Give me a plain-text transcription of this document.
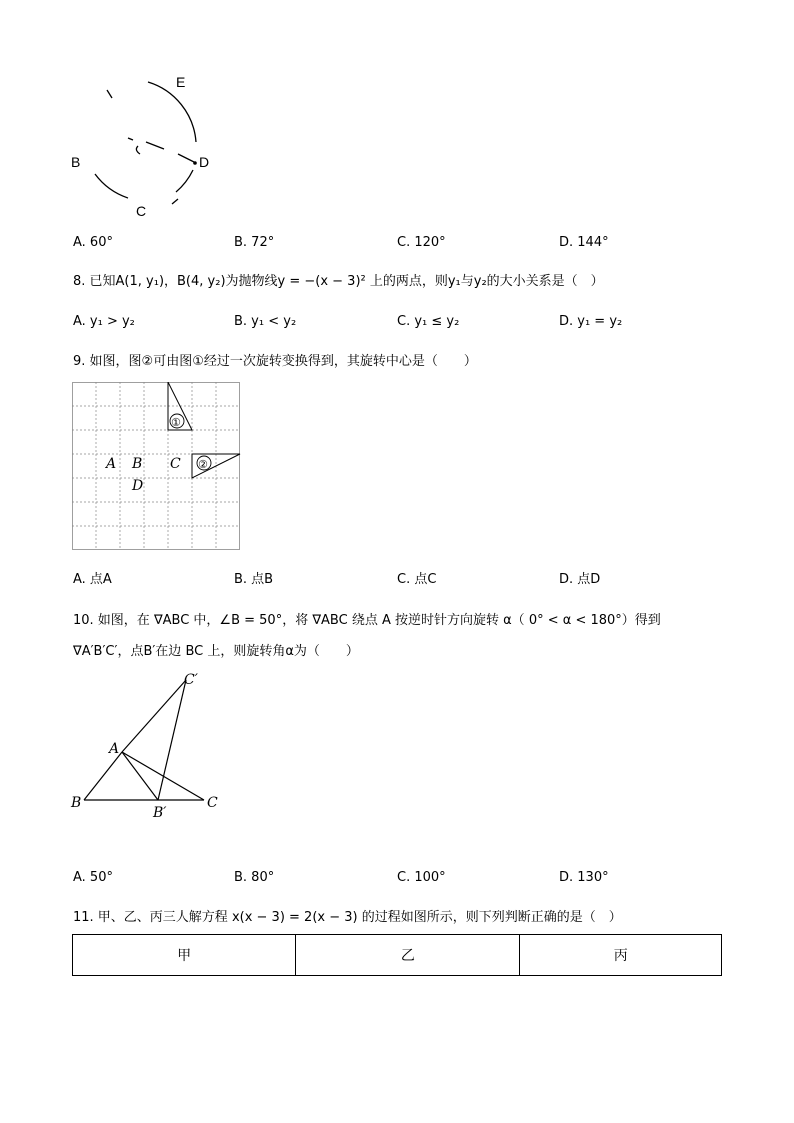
E
B	D
C
A. 60°	B. 72°	C. 120°	D. 144°
8. 已知A(1, y₁)，B(4, y₂)为抛物线y = −(x − 3)² 上的两点，则y₁与y₂的大小关系是（　）
A. y₁ > y₂	B. y₁ < y₂	C. y₁ ≤ y₂	D. y₁ = y₂
9. 如图，图②可由图①经过一次旋转变换得到，其旋转中心是（　　）
①
②
A B C
D
A. 点A	B. 点B	C. 点C	D. 点D
10. 如图，在 ∇ABC 中，∠B = 50°，将 ∇ABC 绕点 A 按逆时针方向旋转 α（ 0° < α < 180°）得到
∇A′B′C′，点B′在边 BC 上，则旋转角α为（　　）
A
B	C
B′
C′
A. 50°	B. 80°	C. 100°	D. 130°
11. 甲、乙、丙三人解方程 x(x − 3) = 2(x − 3) 的过程如图所示，则下列判断正确的是（　）
甲	乙	丙
